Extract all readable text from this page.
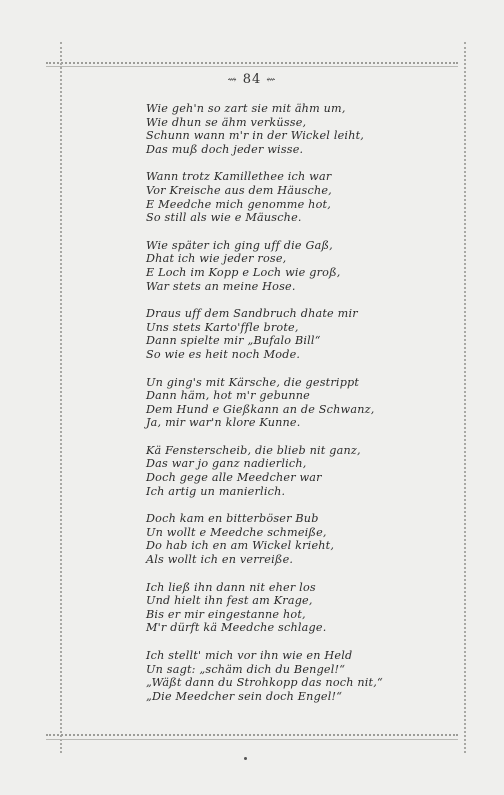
⇝ 84 ⇜
Wie geh'n so zart sie mit ähm um,
Wie dhun se ähm verküsse,
Schunn wann m'r in der Wickel leiht,
Das muß doch jeder wisse.
Wann trotz Kamillethee ich war
Vor Kreische aus dem Häusche,
E Meedche mich genomme hot,
So still als wie e Mäusche.
Wie später ich ging uff die Gaß,
Dhat ich wie jeder rose,
E Loch im Kopp e Loch wie groß,
War stets an meine Hose.
Draus uff dem Sandbruch dhate mir
Uns stets Karto'ffle brote,
Dann spielte mir „Bufalo Bill“
So wie es heit noch Mode.
Un ging's mit Kärsche, die gestrippt
Dann häm, hot m'r gebunne
Dem Hund e Gießkann an de Schwanz,
Ja, mir war'n klore Kunne.
Kä Fensterscheib, die blieb nit ganz,
Das war jo ganz nadierlich,
Doch gege alle Meedcher war
Ich artig un manierlich.
Doch kam en bitterböser Bub
Un wollt e Meedche schmeiße,
Do hab ich en am Wickel krieht,
Als wollt ich en verreiße.
Ich ließ ihn dann nit eher los
Und hielt ihn fest am Krage,
Bis er mir eingestanne hot,
M'r dürft kä Meedche schlage.
Ich stellt' mich vor ihn wie en Held
Un sagt: „schäm dich du Bengel!“
„Wäßt dann du Strohkopp das noch nit,“
„Die Meedcher sein doch Engel!“
